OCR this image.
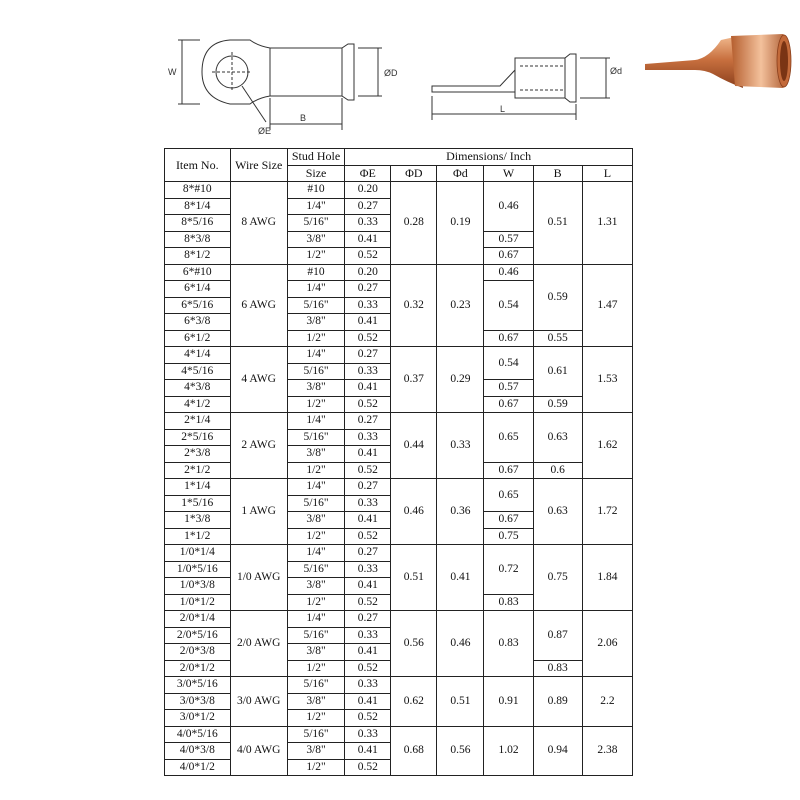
W	ØD
B
ØE
Ød
L
Item No.	Wire Size	Stud Hole	Dimensions/ Inch					
		Size	ΦE	ΦD	Φd	W	B	L
8*#10	8 AWG	#10	0.20	0.28	0.19	0.46	0.51	1.31
8*1/4		1/4"	0.27					
8*5/16		5/16"	0.33					
8*3/8		3/8"	0.41			0.57		
8*1/2		1/2"	0.52			0.67		
6*#10	6 AWG	#10	0.20	0.32	0.23	0.46	0.59	1.47
6*1/4		1/4"	0.27			0.54		
6*5/16		5/16"	0.33					
6*3/8		3/8"	0.41					
6*1/2		1/2"	0.52			0.67	0.55	
4*1/4	4 AWG	1/4"	0.27	0.37	0.29	0.54	0.61	1.53
4*5/16		5/16"	0.33					
4*3/8		3/8"	0.41			0.57		
4*1/2		1/2"	0.52			0.67	0.59	
2*1/4	2 AWG	1/4"	0.27	0.44	0.33	0.65	0.63	1.62
2*5/16		5/16"	0.33					
2*3/8		3/8"	0.41					
2*1/2		1/2"	0.52			0.67	0.6	
1*1/4	1 AWG	1/4"	0.27	0.46	0.36	0.65	0.63	1.72
1*5/16		5/16"	0.33					
1*3/8		3/8"	0.41			0.67		
1*1/2		1/2"	0.52			0.75		
1/0*1/4	1/0 AWG	1/4"	0.27	0.51	0.41	0.72	0.75	1.84
1/0*5/16		5/16"	0.33					
1/0*3/8		3/8"	0.41					
1/0*1/2		1/2"	0.52			0.83		
2/0*1/4	2/0 AWG	1/4"	0.27	0.56	0.46	0.83	0.87	2.06
2/0*5/16		5/16"	0.33					
2/0*3/8		3/8"	0.41					
2/0*1/2		1/2"	0.52				0.83	
3/0*5/16	3/0 AWG	5/16"	0.33	0.62	0.51	0.91	0.89	2.2
3/0*3/8		3/8"	0.41					
3/0*1/2		1/2"	0.52					
4/0*5/16	4/0 AWG	5/16"	0.33	0.68	0.56	1.02	0.94	2.38
4/0*3/8		3/8"	0.41					
4/0*1/2		1/2"	0.52					
